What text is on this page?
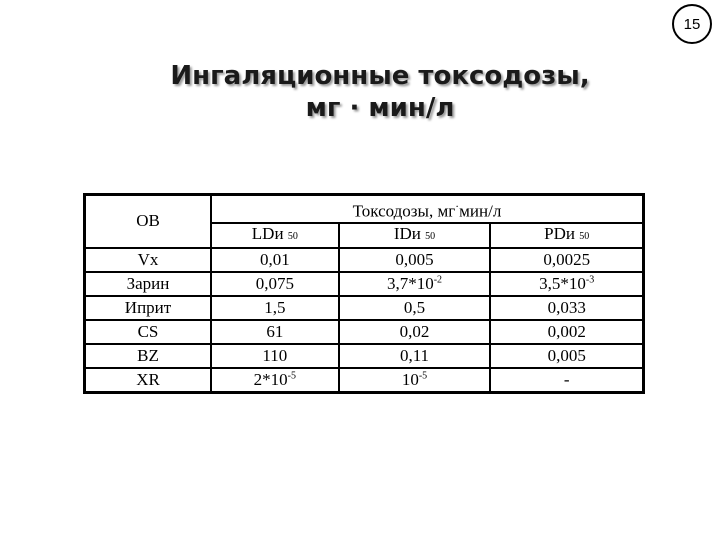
15
Ингаляционные токсодозы,
мг · мин/л
ОВ	Токсодозы, мг·мин/л		
	LDи 50	IDи 50	PDи 50
Vx	0,01	0,005	0,0025
Зарин	0,075	$3,7*10^{-2}$	$3,5*10^{-3}$
Иприт	1,5	0,5	0,033
CS	61	0,02	0,002
BZ	110	0,11	0,005
XR	$2*10^{-5}$	$10^{-5}$	-
